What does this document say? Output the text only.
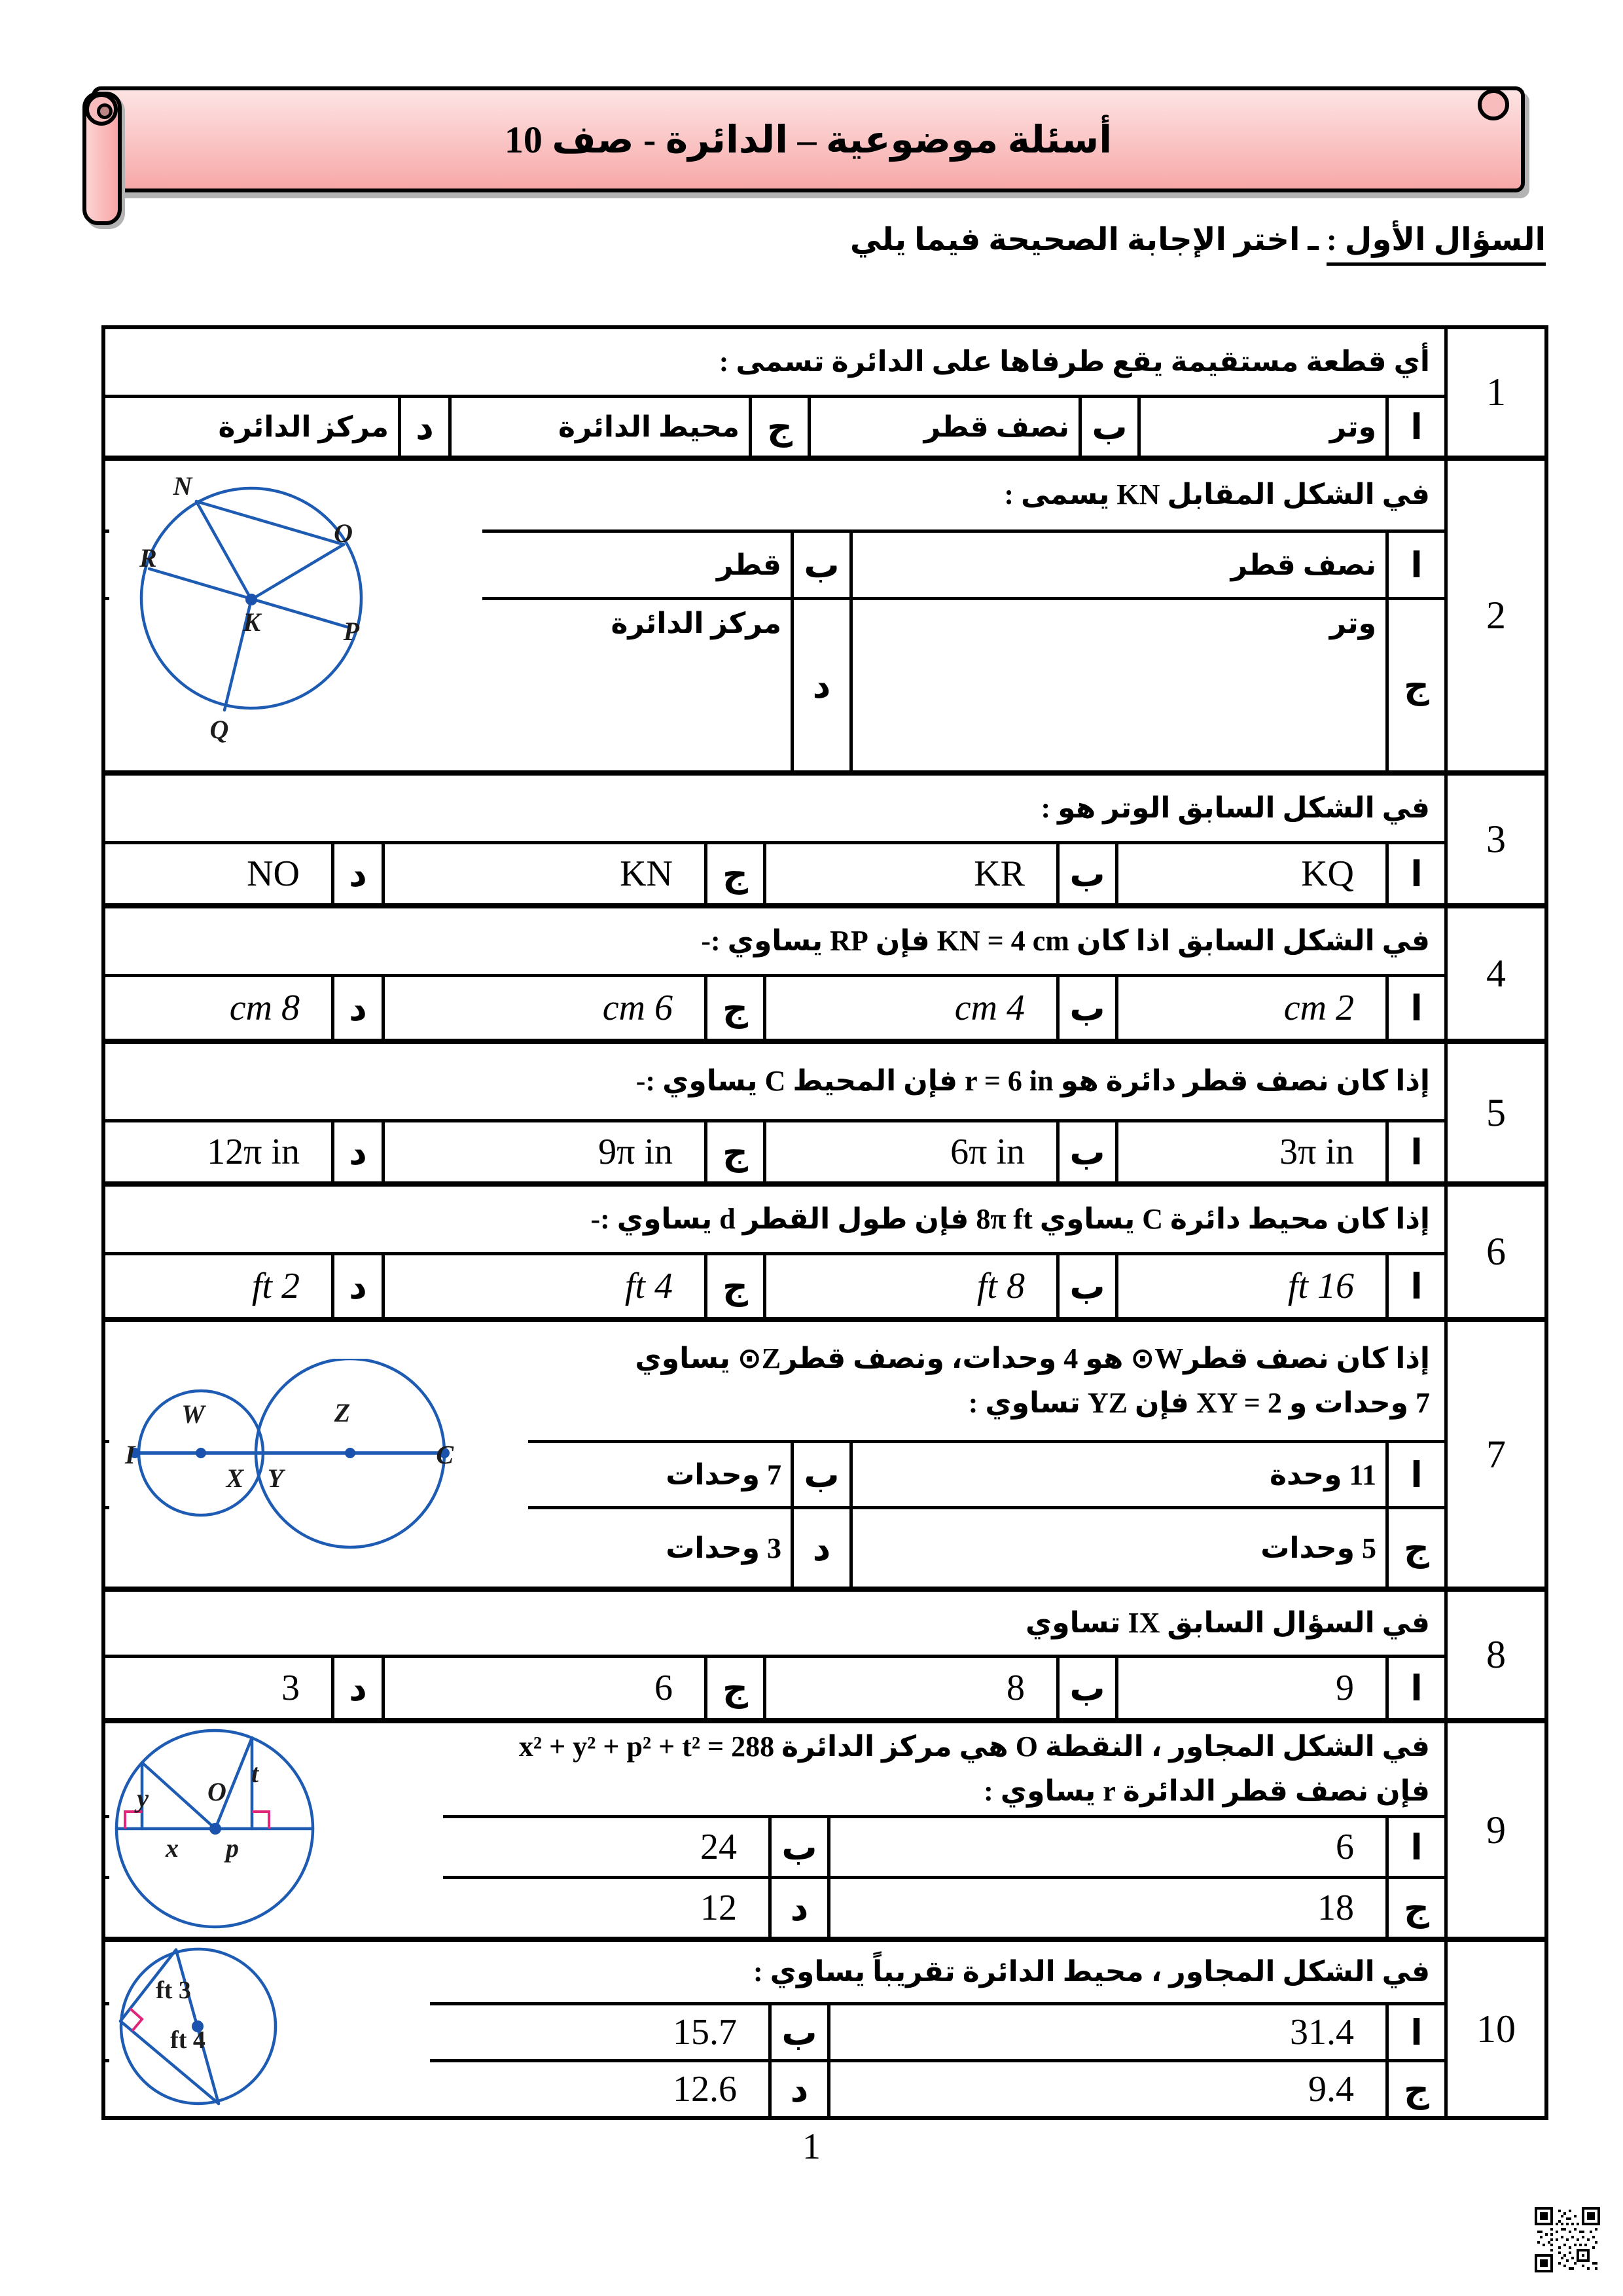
أسئلة موضوعية – الدائرة - صف 10
السؤال الأول : ـ اختر الإجابة الصحيحة فيما يلي
1
أي قطعة مستقيمة يقع طرفاها على الدائرة تسمى :
ا
وتر
ب
نصف قطر
ج
محيط الدائرة
د
مركز الدائرة
2
N
O
R
K	P
Q
في الشكل المقابل KN يسمى :
ا
نصف قطر
ب
قطر
ج
وتر
د
مركز الدائرة
3
في الشكل السابق الوتر هو :
ا
KQ
ب
KR
ج
KN
د
NO
4
في الشكل السابق اذا كان KN = 4 cm فإن RP يساوي :-
ا
2 cm
ب
4 cm
ج
6 cm
د
8 cm
5
إذا كان نصف قطر دائرة هو r = 6 in فإن المحيط C يساوي :-
ا
3π in
ب
6π in
ج
9π in
د
12π in
6
إذا كان محيط دائرة C يساوي 8π ft فإن طول القطر d يساوي :-
ا
16 ft
ب
8 ft
ج
4 ft
د
2 ft
7
I
W
X Y
Z
C
إذا كان نصف قطر⁦⊙W⁩ هو 4 وحدات، ونصف قطر⁦⊙Z⁩ يساوي
7 وحدات و XY = 2 فإن YZ تساوي :
ا
11 وحدة
ب
7 وحدات
ج
5 وحدات
د
3 وحدات
8
في السؤال السابق IX تساوي
ا
9
ب
8
ج
6
د
3
9
O
y
t
x p
في الشكل المجاور ، النقطة O هي مركز الدائرة x² + y² + p² + t² = 288
فإن نصف قطر الدائرة r يساوي :
ا
6
ب
24
ج
18
د
12
10
3 ft
4 ft
في الشكل المجاور ، محيط الدائرة تقريباً يساوي :
ا
31.4
ب
15.7
ج
9.4
د
12.6
1
